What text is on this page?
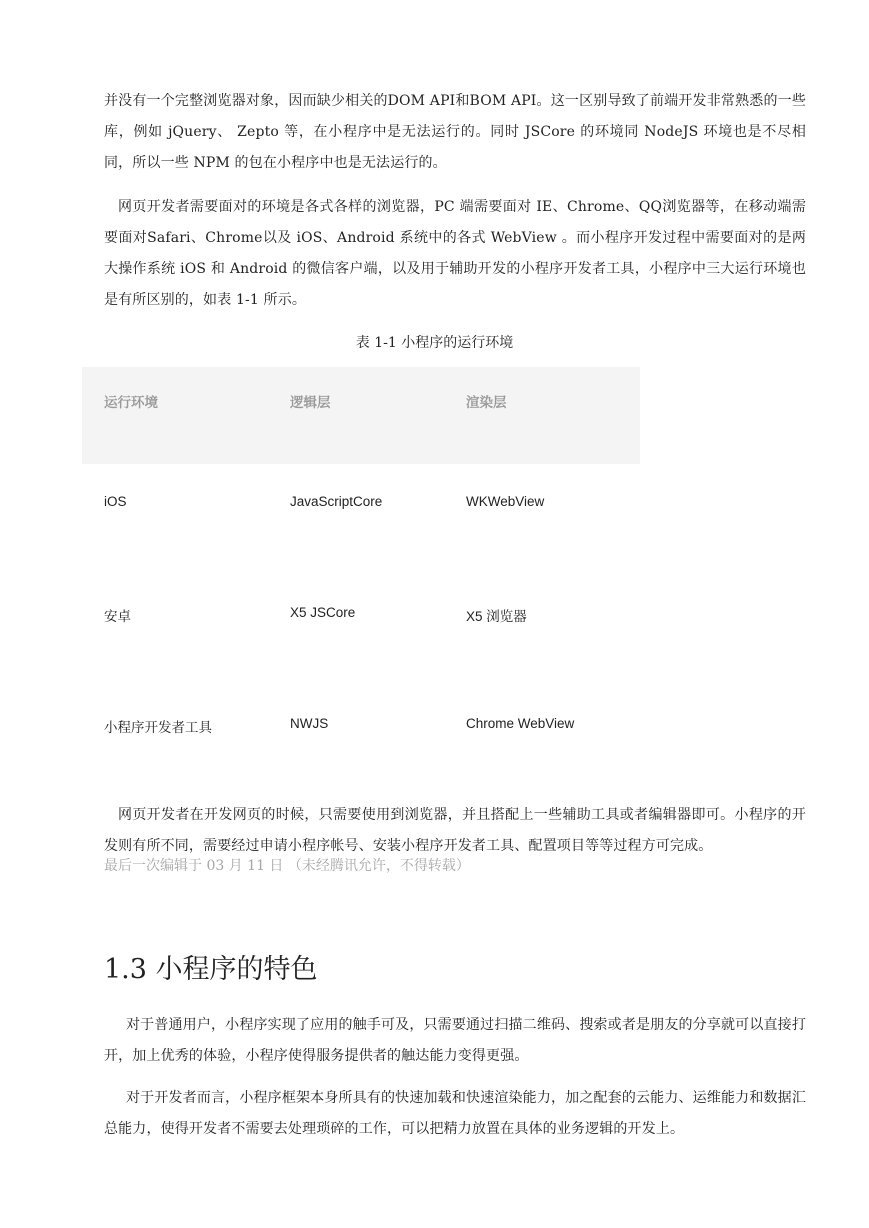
并没有一个完整浏览器对象，因而缺少相关的DOM API和BOM API。这一区别导致了前端开发非常熟悉的一些库，例如 jQuery、 Zepto 等，在小程序中是无法运行的。同时 JSCore 的环境同 NodeJS 环境也是不尽相同，所以一些 NPM 的包在小程序中也是无法运行的。

网页开发者需要面对的环境是各式各样的浏览器，PC 端需要面对 IE、Chrome、QQ浏览器等，在移动端需要面对Safari、Chrome以及 iOS、Android 系统中的各式 WebView 。而小程序开发过程中需要面对的是两大操作系统 iOS 和 Android 的微信客户端，以及用于辅助开发的小程序开发者工具，小程序中三大运行环境也是有所区别的，如表 1-1 所示。

表 1-1 小程序的运行环境
运行环境	逻辑层	渲染层
iOS	JavaScriptCore	WKWebView
安卓	X5 JSCore	X5 浏览器
小程序开发者工具	NWJS	Chrome WebView

网页开发者在开发网页的时候，只需要使用到浏览器，并且搭配上一些辅助工具或者编辑器即可。小程序的开发则有所不同，需要经过申请小程序帐号、安装小程序开发者工具、配置项目等等过程方可完成。

最后一次编辑于 03 月 11 日 （未经腾讯允许，不得转载）
1.3 小程序的特色

对于普通用户，小程序实现了应用的触手可及，只需要通过扫描二维码、搜索或者是朋友的分享就可以直接打开，加上优秀的体验，小程序使得服务提供者的触达能力变得更强。

对于开发者而言，小程序框架本身所具有的快速加载和快速渲染能力，加之配套的云能力、运维能力和数据汇总能力，使得开发者不需要去处理琐碎的工作，可以把精力放置在具体的业务逻辑的开发上。
